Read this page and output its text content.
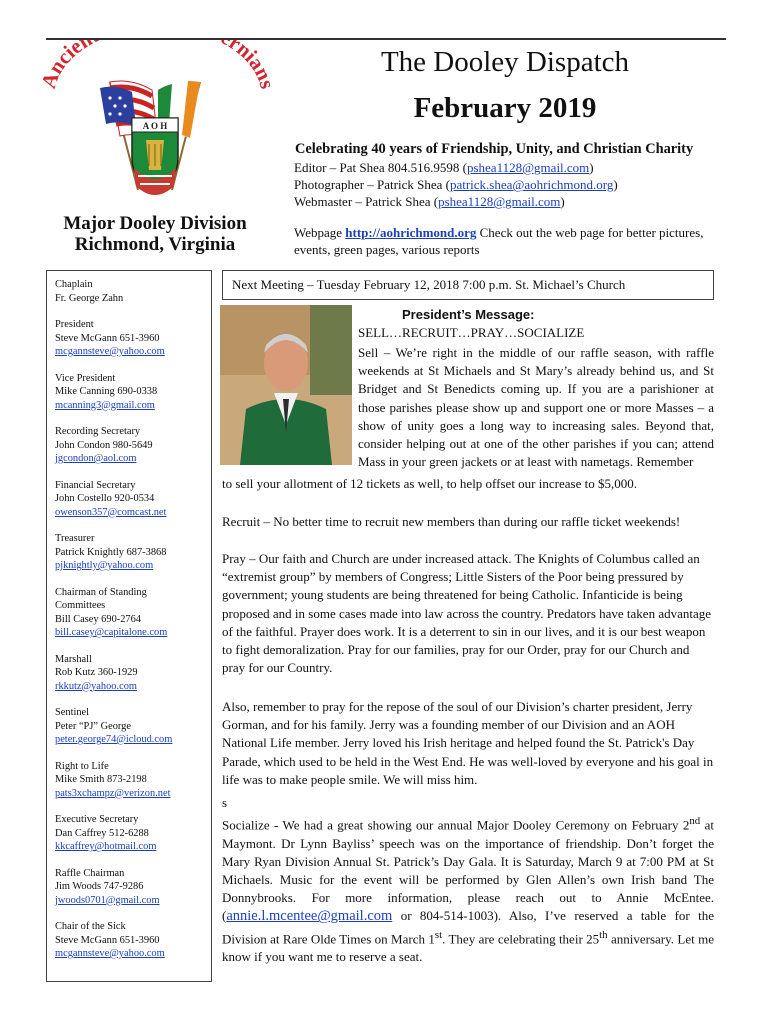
ncie rnia
A O H
Major Dooley Division
Richmond, Virginia
The Dooley Dispatch
February 2019
Celebrating 40 years of Friendship, Unity, and Christian Charity
Editor – Pat Shea 804.516.9598 (pshea1128@gmail.com)
Photographer – Patrick Shea (patrick.shea@aohrichmond.org)
Webmaster – Patrick Shea (pshea1128@gmail.com)
Webpage http://aohrichmond.org Check out the web page for better pictures, events, green pages, various reports
Chaplain
Fr. George Zahn
President
Steve McGann 651-3960
mcgannsteve@yahoo.com
Vice President
Mike Canning 690-0338
mcanning3@gmail.com
Recording Secretary
John Condon 980-5649
jgcondon@aol.com
Financial Secretary
John Costello 920-0534
owenson357@comcast.net
Treasurer
Patrick Knightly 687-3868
pjknightly@yahoo.com
Chairman of Standing Committees
Bill Casey 690-2764
bill.casey@capitalone.com
Marshall
Rob Kutz 360-1929
rkkutz@yahoo.com
Sentinel
Peter “PJ” George
peter.george74@icloud.com
Right to Life
Mike Smith 873-2198
pats3xchampz@verizon.net
Executive Secretary
Dan Caffrey 512-6288
kkcaffrey@hotmail.com
Raffle Chairman
Jim Woods 747-9286
jwoods0701@gmail.com
Chair of the Sick
Steve McGann 651-3960
mcgannsteve@yahoo.com
Next Meeting – Tuesday February 12, 2018 7:00 p.m. St. Michael’s Church
President’s Message:
SELL…RECRUIT…PRAY…SOCIALIZE
Sell – We’re right in the middle of our raffle season, with raffle weekends at St Michaels and St Mary’s already behind us, and St Bridget and St Benedicts coming up. If you are a parishioner at those parishes please show up and support one or more Masses – a show of unity goes a long way to increasing sales. Beyond that, consider helping out at one of the other parishes if you can; attend Mass in your green jackets or at least with nametags. Remember
to sell your allotment of 12 tickets as well, to help offset our increase to $5,000.
Recruit – No better time to recruit new members than during our raffle ticket weekends!
Pray – Our faith and Church are under increased attack. The Knights of Columbus called an “extremist group” by members of Congress; Little Sisters of the Poor being pressured by government; young students are being threatened for being Catholic. Infanticide is being proposed and in some cases made into law across the country. Predators have taken advantage of the faithful. Prayer does work. It is a deterrent to sin in our lives, and it is our best weapon to fight demoralization. Pray for our families, pray for our Order, pray for our Church and pray for our Country.
Also, remember to pray for the repose of the soul of our Division’s charter president, Jerry Gorman, and for his family. Jerry was a founding member of our Division and an AOH National Life member. Jerry loved his Irish heritage and helped found the St. Patrick's Day Parade, which used to be held in the West End. He was well-loved by everyone and his goal in life was to make people smile. We will miss him.
s
Socialize - We had a great showing our annual Major Dooley Ceremony on February 2nd at Maymont. Dr Lynn Bayliss’ speech was on the importance of friendship. Don’t forget the Mary Ryan Division Annual St. Patrick’s Day Gala. It is Saturday, March 9 at 7:00 PM at St Michaels. Music for the event will be performed by Glen Allen’s own Irish band The Donnybrooks. For more information, please reach out to Annie McEntee. (annie.l.mcentee@gmail.com or 804-514-1003). Also, I’ve reserved a table for the Division at Rare Olde Times on March 1st. They are celebrating their 25th anniversary. Let me know if you want me to reserve a seat.
